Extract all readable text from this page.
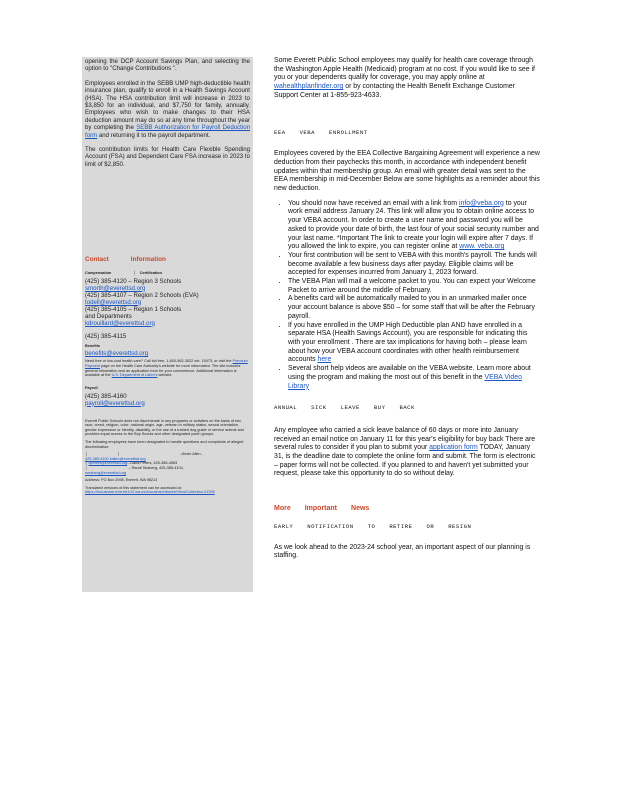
opening the DCP Account Savings Plan, and selecting the option to "Change Contributions ".

Employees enrolled in the SEBB UMP high-deductible health insurance plan, qualify to enroll in a Health Savings Account (HSA). The HSA contribution limit will increase in 2023 to $3,850 for an individual, and $7,750 for family, annually. Employees who wish to make changes to their HSA deduction amount may do so at any time throughout the year by completing the SEBB Authorization for Payroll Deduction form and returning it to the payroll department.

The contribution limits for Health Care Flexible Spending Account (FSA) and Dependent Care FSA increase in 2023 to limit of $2,850.

Contact	Information
Compensation	│ Certification
(425) 385-4120 – Region 3 Schools
smorth@everettsd.org
(425) 385-4107 – Region 2 Schools (EVA)
todell@everettsd.org
(425) 385-4105 – Region 1 Schools
and Departments
kdrouillard@everettsd.org
(425) 385-4115
Benefits
benefits@everettsd.org
Need free or low-cost health care? Call toll free, 1-800-562-3022 ext. 15473, or visit the Premium Payment page on the Health Care Authority's website for more information. The site includes general information and an application form for your convenience. Additional information is available at the U.S. Department of Labor's website.
Payroll
(425) 385-4160
payroll@everettsd.org

Everett Public Schools does not discriminate in any programs or activities on the basis of sex, race, creed, religion, color, national origin, age, veteran or military status, sexual orientation, gender expression or identity, disability, or the use of a trained dog guide or service animal and provides equal access to the Boy Scouts and other designated youth groups.

The following employees have been designated to handle questions and complaints of alleged discrimination:

│	│	–Kevin Allen ,

425-385-4100 kallen@everettsd.org

│ dpeters@everettsd.org– Dana Peters, 425-385-4063

│	– Randi Seaberg, 425-385-4104,

rseaberg@everettsd.org

Address: PO Box 2098, Everett, WA 98213

Translated versions of this statement can be accessed at:

https://docushare.everett-k12.wa.us/docushare/dsweb/View/Collection-21395

Some Everett Public School employees may qualify for health care coverage through the Washington Apple Health (Medicaid) program at no cost. If you would like to see if you or your dependents qualify for coverage, you may apply online at wahealthplanfinder.org or by contacting the Health Benefit Exchange Customer Support Center at 1-855-923-4633.

EEA	VEBA	ENROLLMENT

Employees covered by the EEA Collective Bargaining Agreement will experience a new deduction from their paychecks this month, in accordance with independent benefit updates within that membership group. An email with greater detail was sent to the EEA membership in mid-December Below are some highlights as a reminder about this new deduction.

• You should now have received an email with a link from info@veba.org to your work email address January 24. This link will allow you to obtain online access to your VEBA account. In order to create a user name and password you will be asked to provide your date of birth, the last four of your social security number and your last name. *Important The link to create your login will expire after 7 days. If you allowed the link to expire, you can register online at www. veba.org
• Your first contribution will be sent to VEBA with this month's payroll. The funds will become available a few business days after payday. Eligible claims will be accepted for expenses incurred from January 1, 2023 forward.
• The VEBA Plan will mail a welcome packet to you. You can expect your Welcome Packet to arrive around the middle of February.
• A benefits card will be automatically mailed to you in an unmarked mailer once your account balance is above $50 – for some staff that will be after the February payroll.
• If you have enrolled in the UMP High Deductible plan AND have enrolled in a separate HSA (Health Savings Account), you are responsible for indicating this with your enrollment . There are tax implications for having both – please learn about how your VEBA account coordinates with other health reimbursement accounts here
• Several short help videos are available on the VEBA website. Learn more about using the program and making the most out of this benefit in the VEBA Video Library
ANNUAL	SICK	LEAVE	BUY	BACK

Any employee who carried a sick leave balance of 60 days or more into January received an email notice on January 11 for this year's eligibility for buy back There are several rules to consider if you plan to submit your application form TODAY, January 31, is the deadline date to complete the online form and submit. The form is electronic – paper forms will not be collected. If you planned to and haven't yet submitted your request, please take this opportunity to do so without delay.

More Important News
EARLY	NOTIFICATION	TO	RETIRE	OR	RESIGN

As we look ahead to the 2023-24 school year, an important aspect of our planning is staffing.
